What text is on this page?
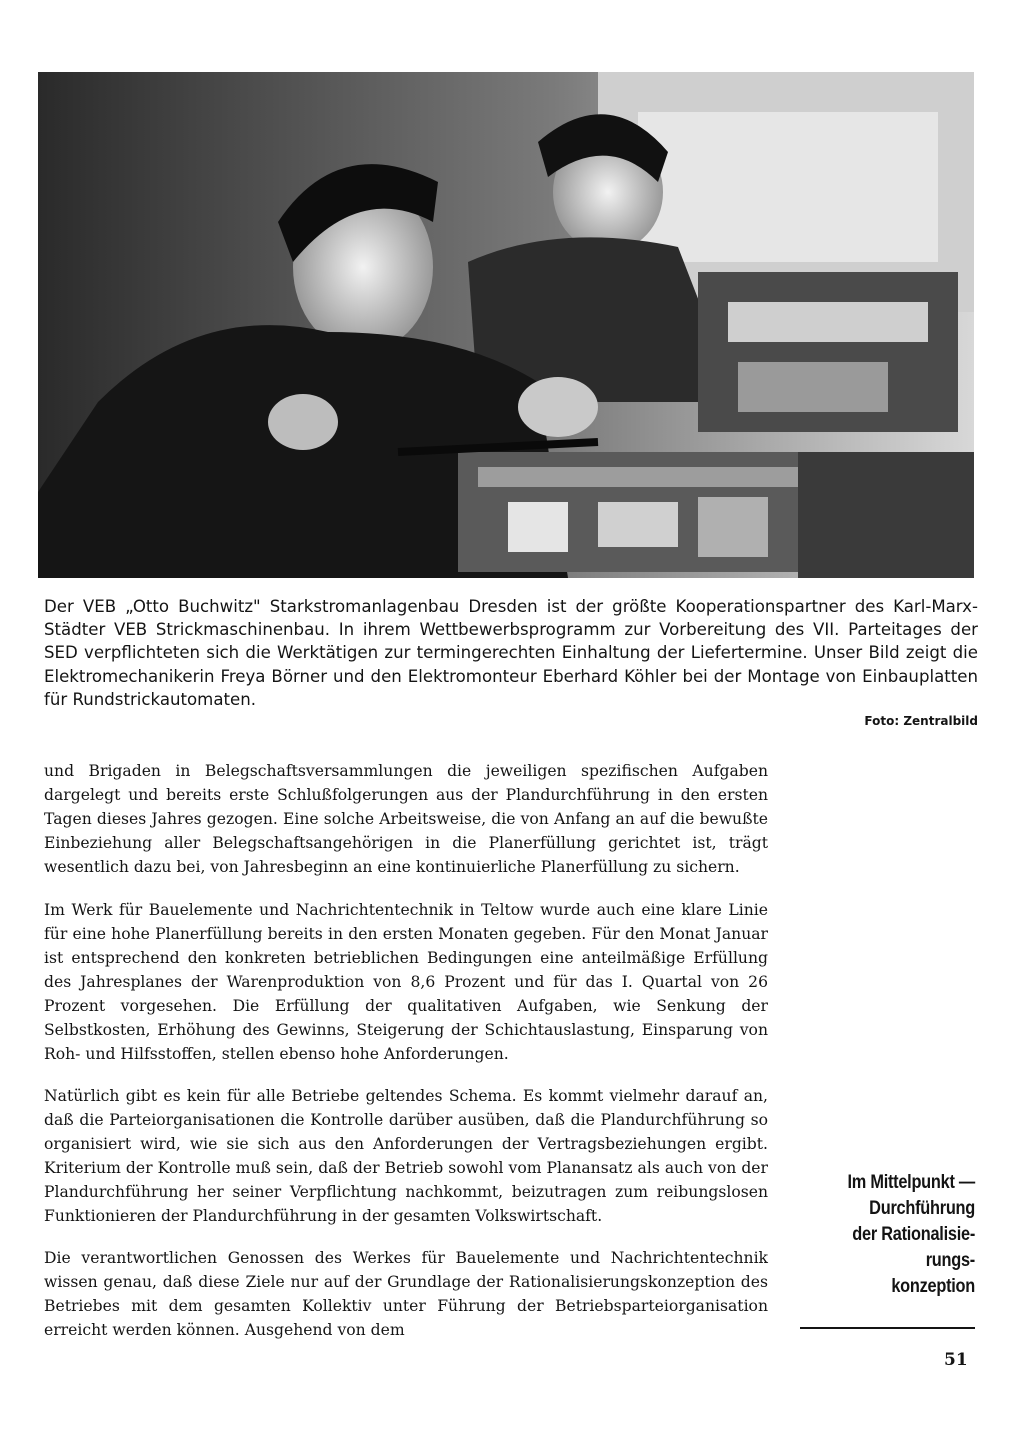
Der VEB „Otto Buchwitz" Starkstromanlagenbau Dresden ist der größte Kooperationspartner des Karl-Marx-Städter VEB Strickmaschinenbau. In ihrem Wettbewerbsprogramm zur Vorbereitung des VII. Parteitages der SED verpflichteten sich die Werktätigen zur termingerechten Einhaltung der Liefertermine. Unser Bild zeigt die Elektromechanikerin Freya Börner und den Elektromonteur Eberhard Köhler bei der Montage von Einbauplatten für Rundstrickautomaten.
Foto: Zentralbild

und Brigaden in Belegschaftsversammlungen die jeweiligen spezifischen Aufgaben dargelegt und bereits erste Schlußfolgerungen aus der Plandurchführung in den ersten Tagen dieses Jahres gezogen. Eine solche Arbeitsweise, die von Anfang an auf die bewußte Einbeziehung aller Belegschaftsangehörigen in die Planerfüllung gerichtet ist, trägt wesentlich dazu bei, von Jahresbeginn an eine kontinuierliche Planerfüllung zu sichern.

Im Werk für Bauelemente und Nachrichtentechnik in Teltow wurde auch eine klare Linie für eine hohe Planerfüllung bereits in den ersten Monaten gegeben. Für den Monat Januar ist entsprechend den konkreten betrieblichen Bedingungen eine anteilmäßige Erfüllung des Jahresplanes der Warenproduktion von 8,6 Prozent und für das I. Quartal von 26 Prozent vorgesehen. Die Erfüllung der qualitativen Aufgaben, wie Senkung der Selbstkosten, Erhöhung des Gewinns, Steigerung der Schichtauslastung, Einsparung von Roh- und Hilfsstoffen, stellen ebenso hohe Anforderungen.

Natürlich gibt es kein für alle Betriebe geltendes Schema. Es kommt vielmehr darauf an, daß die Parteiorganisationen die Kontrolle darüber ausüben, daß die Plandurchführung so organisiert wird, wie sie sich aus den Anforderungen der Vertragsbeziehungen ergibt. Kriterium der Kontrolle muß sein, daß der Betrieb sowohl vom Planansatz als auch von der Plandurchführung her seiner Verpflichtung nachkommt, beizutragen zum reibungslosen Funktionieren der Plandurchführung in der gesamten Volkswirtschaft.

Die verantwortlichen Genossen des Werkes für Bauelemente und Nachrichtentechnik wissen genau, daß diese Ziele nur auf der Grundlage der Rationalisierungskonzeption des Betriebes mit dem gesamten Kollektiv unter Führung der Betriebsparteiorganisation erreicht werden können. Ausgehend von dem

Im Mittelpunkt —
Durchführung
der Rationalisie-
rungs-
konzeption
51
